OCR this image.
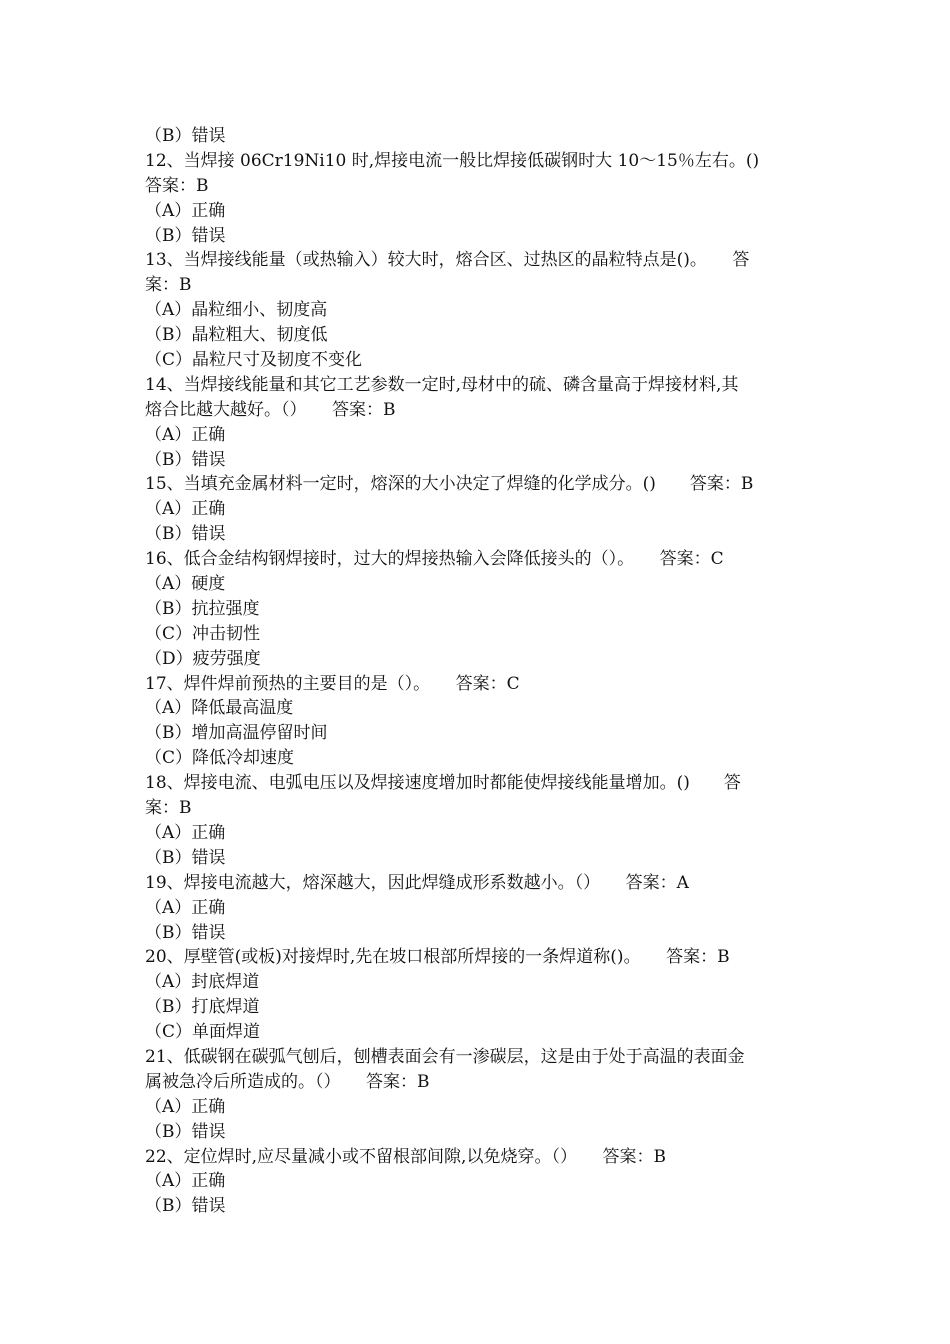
（B）错误
12、当焊接 06Cr19Ni10 时,焊接电流一般比焊接低碳钢时大 10～15％左右。()
答案：B
（A）正确
（B）错误
13、当焊接线能量（或热输入）较大时，熔合区、过热区的晶粒特点是()。　　答
案：B
（A）晶粒细小、韧度高
（B）晶粒粗大、韧度低
（C）晶粒尺寸及韧度不变化
14、当焊接线能量和其它工艺参数一定时,母材中的硫、磷含量高于焊接材料,其
熔合比越大越好。（）　　答案：B
（A）正确
（B）错误
15、当填充金属材料一定时，熔深的大小决定了焊缝的化学成分。()　　答案：B
（A）正确
（B）错误
16、低合金结构钢焊接时，过大的焊接热输入会降低接头的（）。　　答案：C
（A）硬度
（B）抗拉强度
（C）冲击韧性
（D）疲劳强度
17、焊件焊前预热的主要目的是（）。　　答案：C
（A）降低最高温度
（B）增加高温停留时间
（C）降低冷却速度
18、焊接电流、电弧电压以及焊接速度增加时都能使焊接线能量增加。()　　答
案：B
（A）正确
（B）错误
19、焊接电流越大，熔深越大，因此焊缝成形系数越小。（）　　答案：A
（A）正确
（B）错误
20、厚壁管(或板)对接焊时,先在坡口根部所焊接的一条焊道称()。　　答案：B
（A）封底焊道
（B）打底焊道
（C）单面焊道
21、低碳钢在碳弧气刨后，刨槽表面会有一渗碳层，这是由于处于高温的表面金
属被急冷后所造成的。（）　　答案：B
（A）正确
（B）错误
22、定位焊时,应尽量减小或不留根部间隙,以免烧穿。（）　　答案：B
（A）正确
（B）错误
